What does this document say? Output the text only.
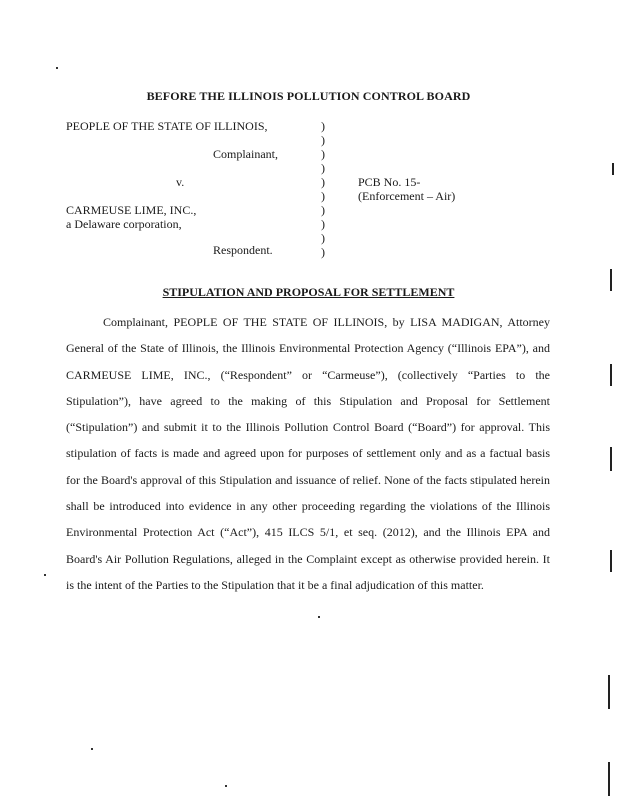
BEFORE THE ILLINOIS POLLUTION CONTROL BOARD
PEOPLE OF THE STATE OF ILLINOIS,
Complainant,
v.
CARMEUSE LIME, INC.,
a Delaware corporation,
Respondent.
)
)
)
)
)
)
)
)
)
)
PCB No. 15-
(Enforcement – Air)
STIPULATION AND PROPOSAL FOR SETTLEMENT
Complainant, PEOPLE OF THE STATE OF ILLINOIS, by LISA MADIGAN, Attorney General of the State of Illinois, the Illinois Environmental Protection Agency (“Illinois EPA”), and CARMEUSE LIME, INC., (“Respondent” or “Carmeuse”), (collectively “Parties to the Stipulation”), have agreed to the making of this Stipulation and Proposal for Settlement (“Stipulation”) and submit it to the Illinois Pollution Control Board (“Board”) for approval. This stipulation of facts is made and agreed upon for purposes of settlement only and as a factual basis for the Board's approval of this Stipulation and issuance of relief. None of the facts stipulated herein shall be introduced into evidence in any other proceeding regarding the violations of the Illinois Environmental Protection Act (“Act”), 415 ILCS 5/1, et seq. (2012), and the Illinois EPA and Board's Air Pollution Regulations, alleged in the Complaint except as otherwise provided herein. It is the intent of the Parties to the Stipulation that it be a final adjudication of this matter.
